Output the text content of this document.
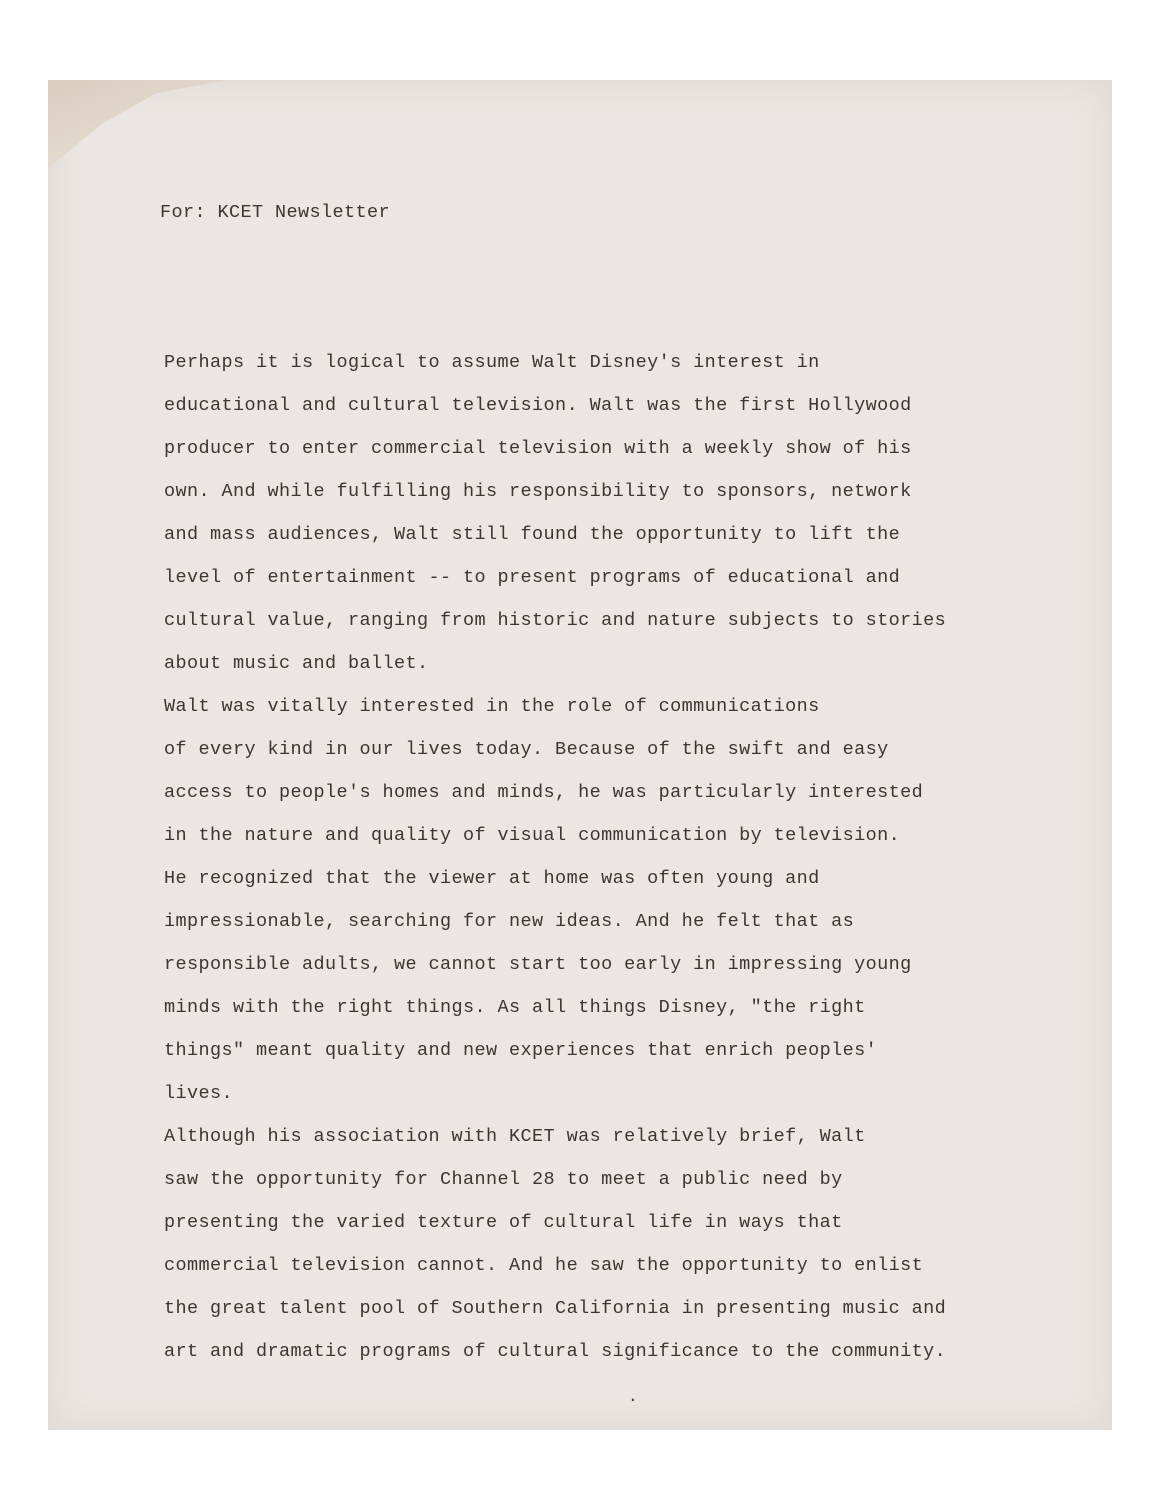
For: KCET Newsletter
Perhaps it is logical to assume Walt Disney's interest in
educational and cultural television. Walt was the first Hollywood
producer to enter commercial television with a weekly show of his
own. And while fulfilling his responsibility to sponsors, network
and mass audiences, Walt still found the opportunity to lift the
level of entertainment -- to present programs of educational and
cultural value, ranging from historic and nature subjects to stories
about music and ballet.
Walt was vitally interested in the role of communications
of every kind in our lives today. Because of the swift and easy
access to people's homes and minds, he was particularly interested
in the nature and quality of visual communication by television.
He recognized that the viewer at home was often young and
impressionable, searching for new ideas. And he felt that as
responsible adults, we cannot start too early in impressing young
minds with the right things. As all things Disney, "the right
things" meant quality and new experiences that enrich peoples'
lives.
Although his association with KCET was relatively brief, Walt
saw the opportunity for Channel 28 to meet a public need by
presenting the varied texture of cultural life in ways that
commercial television cannot. And he saw the opportunity to enlist
the great talent pool of Southern California in presenting music and
art and dramatic programs of cultural significance to the community.
.
